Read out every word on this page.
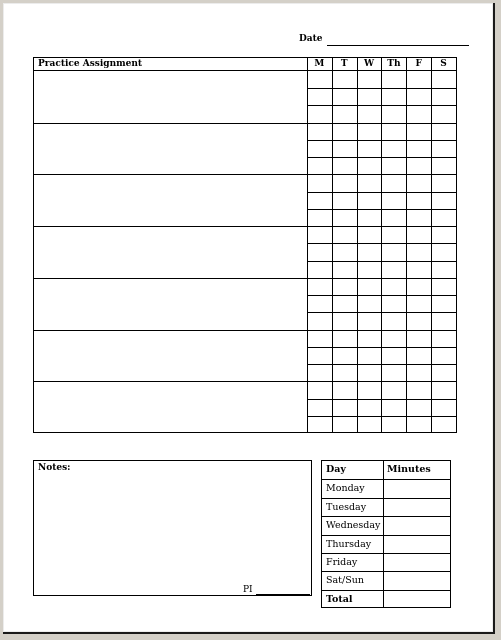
Date
Practice Assignment	M	T	W	Th	F	S
Notes:
PI
Day	Minutes
Monday
Tuesday
Wednesday
Thursday
Friday
Sat/Sun
Total
